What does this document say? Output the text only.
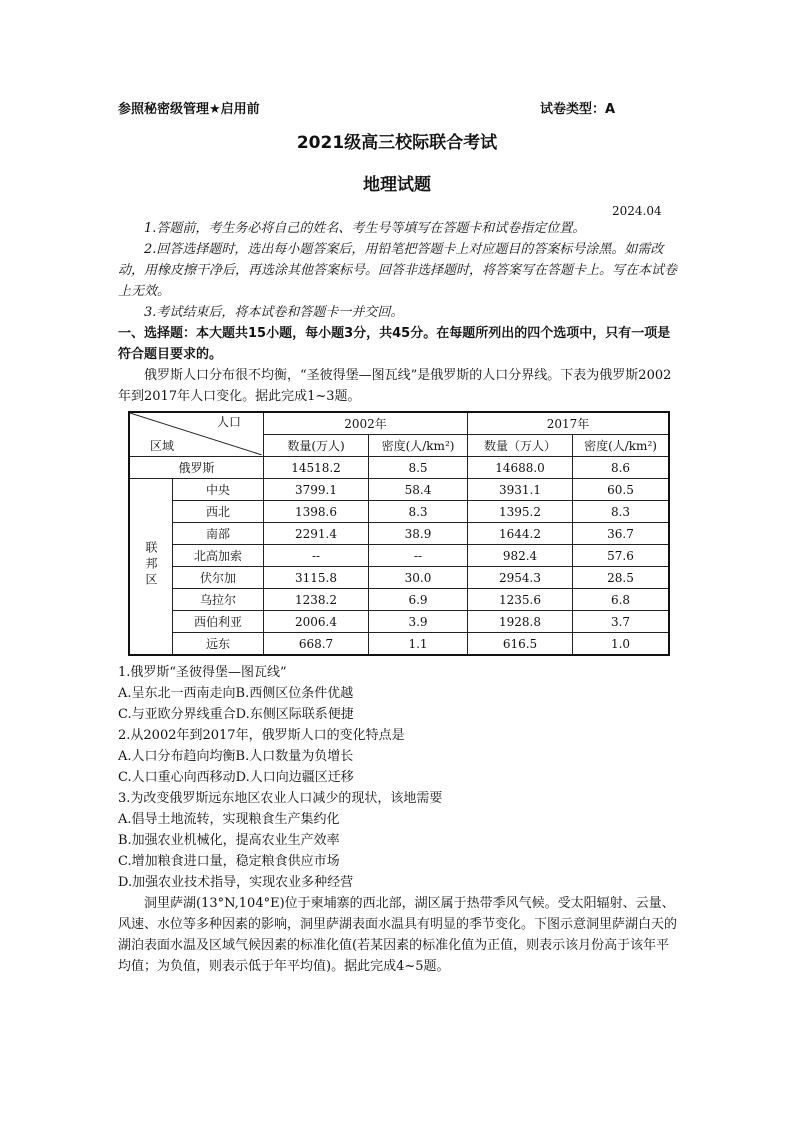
参照秘密级管理★启用前	试卷类型：A
2021级高三校际联合考试
地理试题
2024.04

1.答题前，考生务必将自己的姓名、考生号等填写在答题卡和试卷指定位置。

2.回答选择题时，选出每小题答案后，用铅笔把答题卡上对应题目的答案标号涂黑。如需改动，用橡皮擦干净后，再选涂其他答案标号。回答非选择题时，将答案写在答题卡上。写在本试卷上无效。

3.考试结束后，将本试卷和答题卡一并交回。

一、选择题：本大题共15小题，每小题3分，共45分。在每题所列出的四个选项中，只有一项是符合题目要求的。

俄罗斯人口分布很不均衡，“圣彼得堡—图瓦线”是俄罗斯的人口分界线。下表为俄罗斯2002年到2017年人口变化。据此完成1~3题。

人口
区域		2002年		2017年	
		数量(万人)	密度(人/km²)	数量（万人）	密度(人/km²)
俄罗斯		14518.2	8.5	14688.0	8.6
联邦区	中央	3799.1	58.4	3931.1	60.5
	西北	1398.6	8.3	1395.2	8.3
	南部	2291.4	38.9	1644.2	36.7
	北高加索	--	--	982.4	57.6
	伏尔加	3115.8	30.0	2954.3	28.5
	乌拉尔	1238.2	6.9	1235.6	6.8
	西伯利亚	2006.4	3.9	1928.8	3.7
	远东	668.7	1.1	616.5	1.0

1.俄罗斯“圣彼得堡—图瓦线”

A.呈东北一西南走向B.西侧区位条件优越

C.与亚欧分界线重合D.东侧区际联系便捷

2.从2002年到2017年，俄罗斯人口的变化特点是

A.人口分布趋向均衡B.人口数量为负增长

C.人口重心向西移动D.人口向边疆区迁移

3.为改变俄罗斯远东地区农业人口减少的现状，该地需要

A.倡导土地流转，实现粮食生产集约化

B.加强农业机械化，提高农业生产效率

C.增加粮食进口量，稳定粮食供应市场

D.加强农业技术指导，实现农业多种经营

洞里萨湖(13°N,104°E)位于柬埔寨的西北部，湖区属于热带季风气候。受太阳辐射、云量、风速、水位等多种因素的影响，洞里萨湖表面水温具有明显的季节变化。下图示意洞里萨湖白天的湖泊表面水温及区域气候因素的标准化值(若某因素的标准化值为正值，则表示该月份高于该年平均值；为负值，则表示低于年平均值)。据此完成4~5题。
